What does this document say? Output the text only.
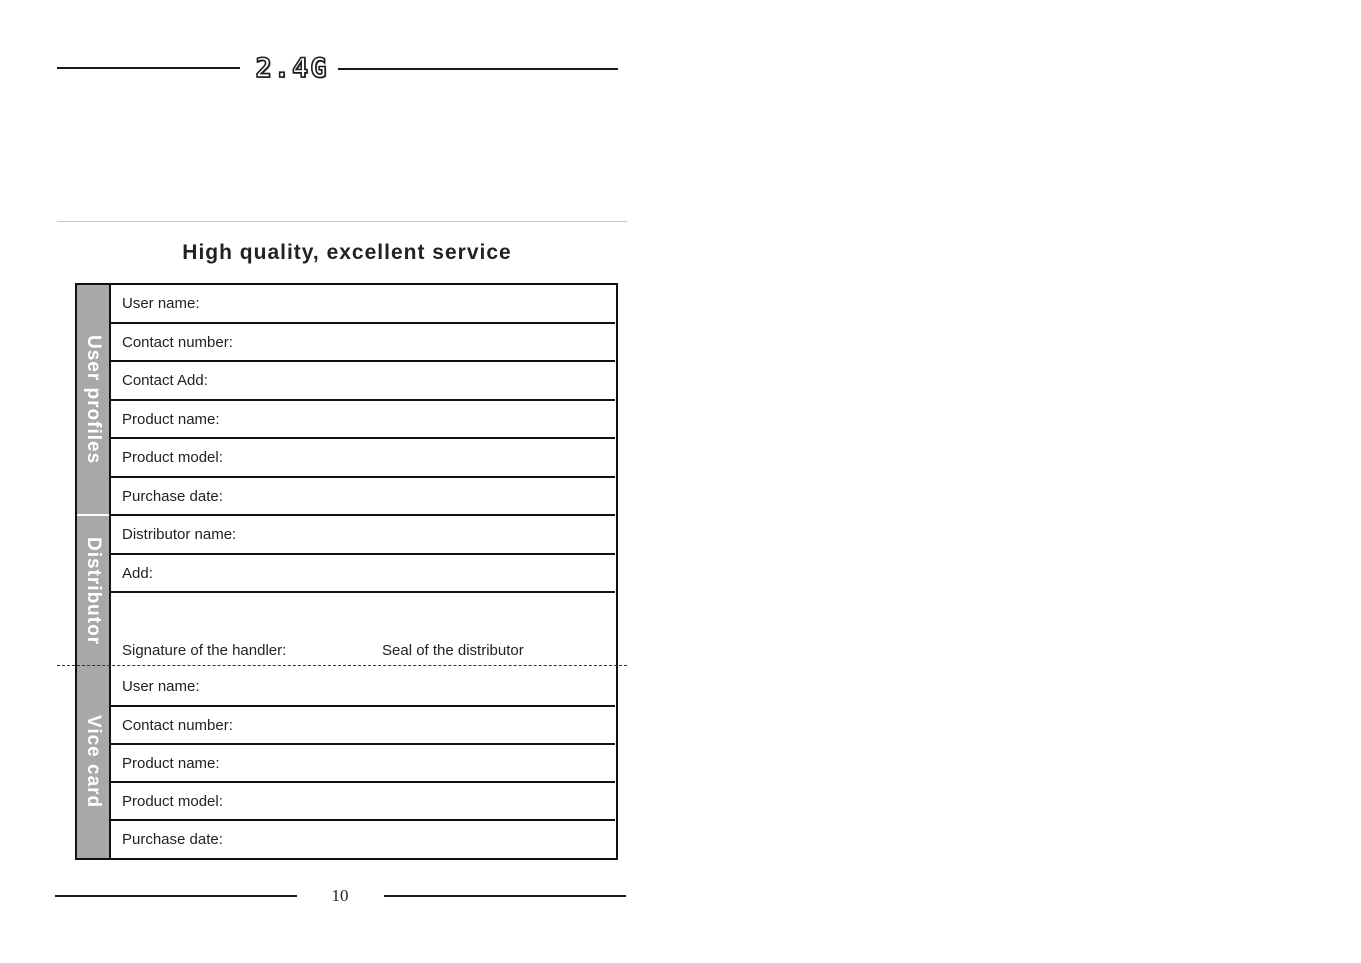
2.4G
High quality, excellent service
User profiles
Distributor
Vice card
User name:
Contact number:
Contact Add:
Product name:
Product model:
Purchase date:
Distributor name:
Add:
Signature of the handler:	Seal of the distributor
User name:
Contact number:
Product name:
Product model:
Purchase date:
10
